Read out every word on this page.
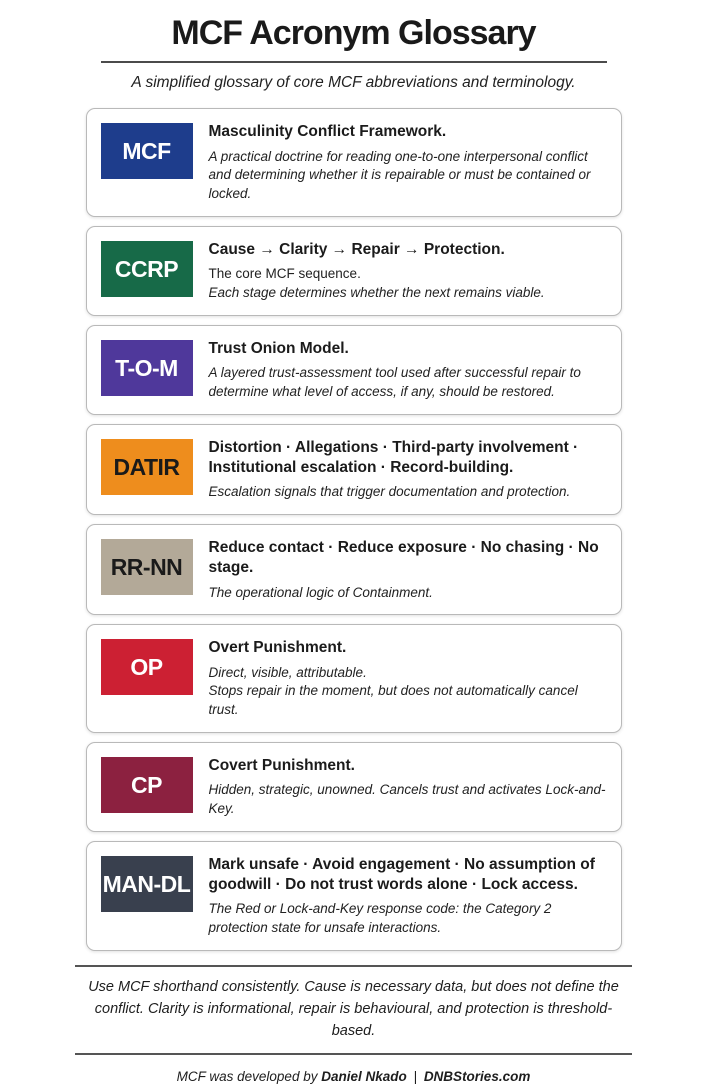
MCF Acronym Glossary
A simplified glossary of core MCF abbreviations and terminology.
MCF
Masculinity Conflict Framework.
A practical doctrine for reading one-to-one interpersonal conflict and determining whether it is repairable or must be contained or locked.
CCRP
Cause → Clarity → Repair → Protection.
The core MCF sequence.
Each stage determines whether the next remains viable.
T-O-M
Trust Onion Model.
A layered trust-assessment tool used after successful repair to determine what level of access, if any, should be restored.
DATIR
Distortion · Allegations · Third-party involvement · Institutional escalation · Record-building.
Escalation signals that trigger documentation and protection.
RR-NN
Reduce contact · Reduce exposure · No chasing · No stage.
The operational logic of Containment.
OP
Overt Punishment.
Direct, visible, attributable.
Stops repair in the moment, but does not automatically cancel trust.
CP
Covert Punishment.
Hidden, strategic, unowned. Cancels trust and activates Lock-and-Key.
MAN-DL
Mark unsafe · Avoid engagement · No assumption of goodwill · Do not trust words alone · Lock access.
The Red or Lock-and-Key response code: the Category 2 protection state for unsafe interactions.
Use MCF shorthand consistently. Cause is necessary data, but does not define the conflict. Clarity is informational, repair is behavioural, and protection is threshold-based.
MCF was developed by Daniel Nkado | DNBStories.com
